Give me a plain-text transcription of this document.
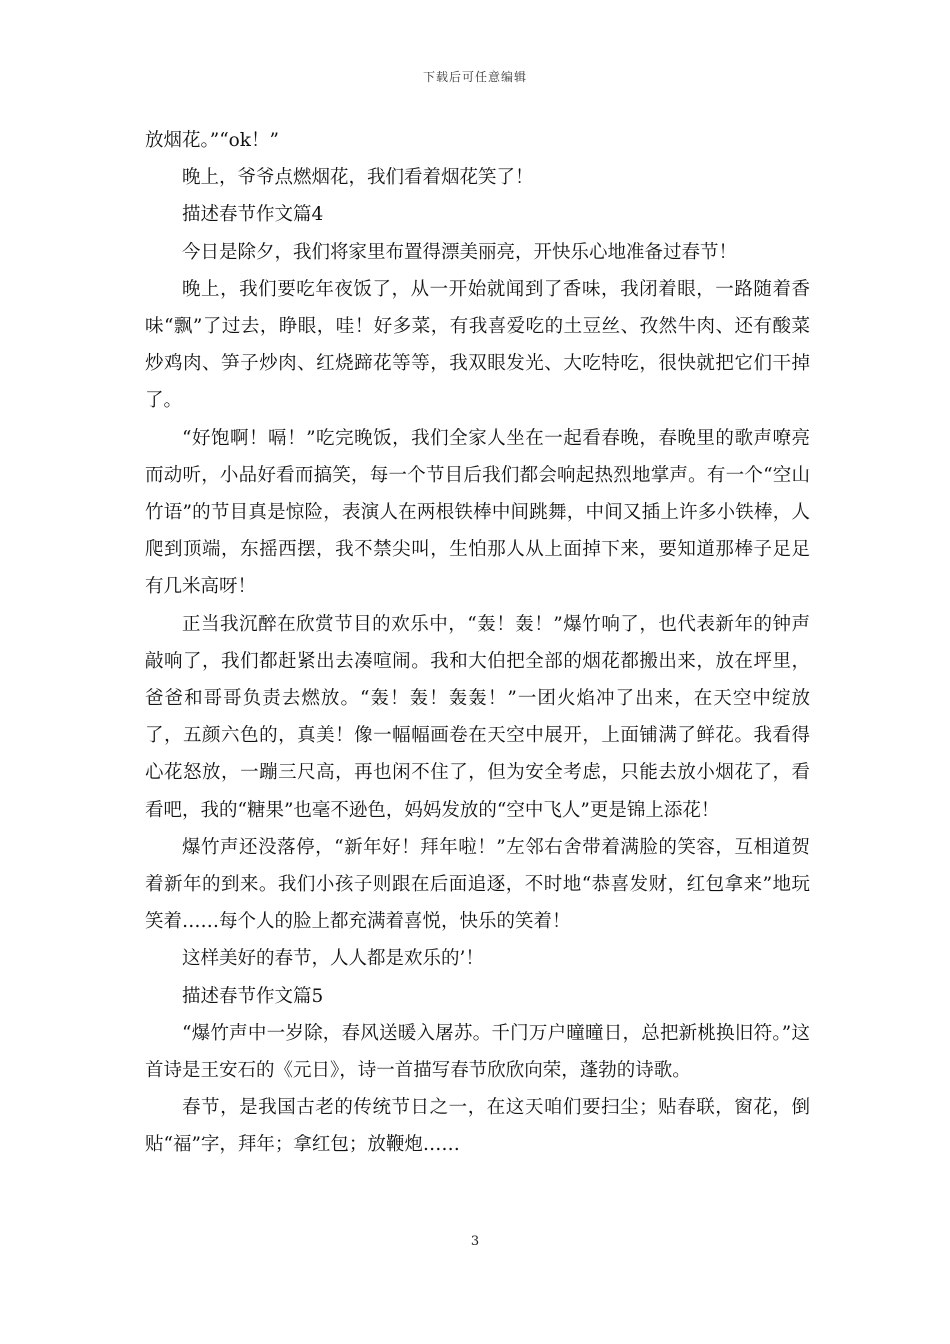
下载后可任意编辑

放烟花。”“ok！”

晚上，爷爷点燃烟花，我们看着烟花笑了！

描述春节作文篇4

今日是除夕，我们将家里布置得漂美丽亮，开快乐心地准备过春节！

晚上，我们要吃年夜饭了，从一开始就闻到了香味，我闭着眼，一路随着香味“飘”了过去，睁眼，哇！好多菜，有我喜爱吃的土豆丝、孜然牛肉、还有酸菜炒鸡肉、笋子炒肉、红烧蹄花等等，我双眼发光、大吃特吃，很快就把它们干掉了。

“好饱啊！嗝！”吃完晚饭，我们全家人坐在一起看春晚，春晚里的歌声嘹亮而动听，小品好看而搞笑，每一个节目后我们都会响起热烈地掌声。有一个“空山竹语”的节目真是惊险，表演人在两根铁棒中间跳舞，中间又插上许多小铁棒，人爬到顶端，东摇西摆，我不禁尖叫，生怕那人从上面掉下来，要知道那棒子足足有几米高呀！

正当我沉醉在欣赏节目的欢乐中，“轰！轰！”爆竹响了，也代表新年的钟声敲响了，我们都赶紧出去凑喧闹。我和大伯把全部的烟花都搬出来，放在坪里，爸爸和哥哥负责去燃放。“轰！轰！轰轰！”一团火焰冲了出来，在天空中绽放了，五颜六色的，真美！像一幅幅画卷在天空中展开，上面铺满了鲜花。我看得心花怒放，一蹦三尺高，再也闲不住了，但为安全考虑，只能去放小烟花了，看看吧，我的“糖果”也毫不逊色，妈妈发放的“空中飞人”更是锦上添花！

爆竹声还没落停，“新年好！拜年啦！”左邻右舍带着满脸的笑容，互相道贺着新年的到来。我们小孩子则跟在后面追逐，不时地“恭喜发财，红包拿来”地玩笑着……每个人的脸上都充满着喜悦，快乐的笑着！

这样美好的春节，人人都是欢乐的’！

描述春节作文篇5

“爆竹声中一岁除，春风送暖入屠苏。千门万户曈曈日，总把新桃换旧符。”这首诗是王安石的《元日》，诗一首描写春节欣欣向荣，蓬勃的诗歌。

春节，是我国古老的传统节日之一，在这天咱们要扫尘；贴春联，窗花，倒贴“福”字，拜年；拿红包；放鞭炮……

3
